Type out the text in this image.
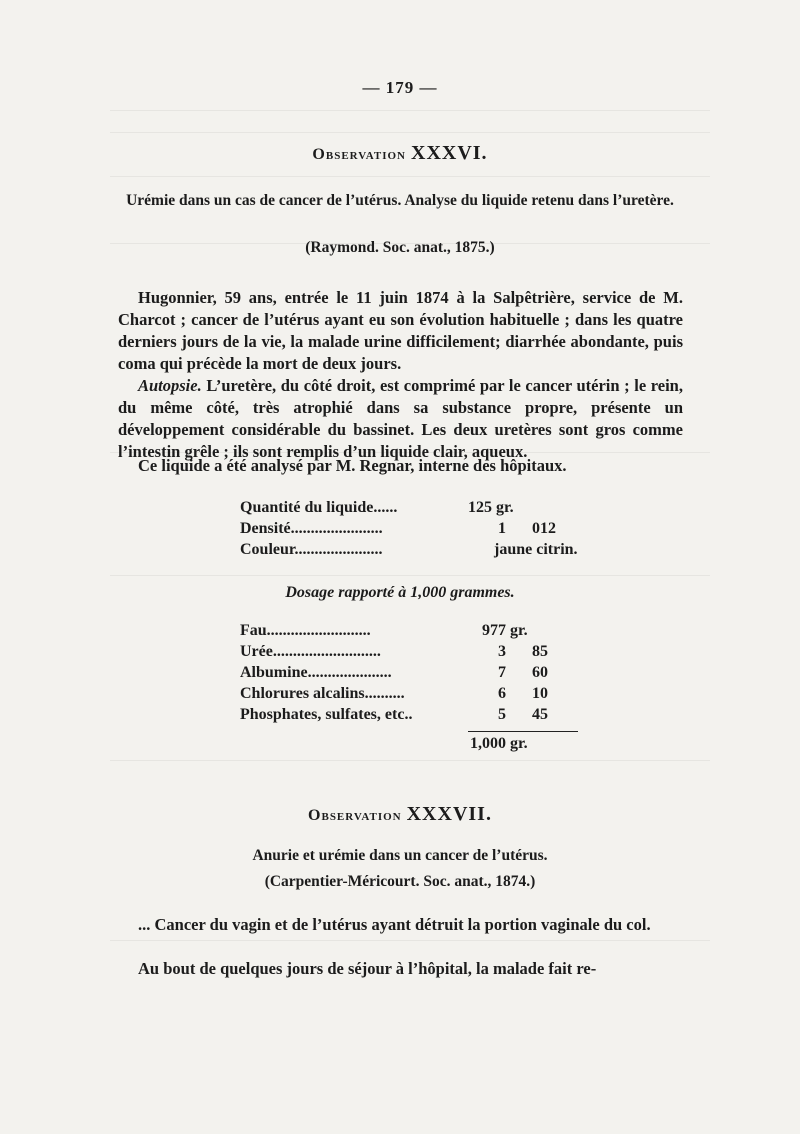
— 179 —
Observation XXXVI.
Urémie dans un cas de cancer de l’utérus. Analyse du liquide retenu dans l’uretère.
(Raymond. Soc. anat., 1875.)
Hugonnier, 59 ans, entrée le 11 juin 1874 à la Salpêtrière, service de M. Charcot ; cancer de l’utérus ayant eu son évolution habituelle ; dans les quatre derniers jours de la vie, la malade urine difficilement; diarrhée abondante, puis coma qui précède la mort de deux jours.
Autopsie. L’uretère, du côté droit, est comprimé par le cancer utérin ; le rein, du même côté, très atrophié dans sa substance propre, présente un développement considérable du bassinet. Les deux uretères sont gros comme l’intestin grêle ; ils sont remplis d’un liquide clair, aqueux.
Ce liquide a été analysé par M. Regnar, interne des hôpitaux.
Quantité du liquide......	125 gr.
Densité.......................	1 012
Couleur......................	jaune citrin.
Dosage rapporté à 1,000 grammes.
Fau..........................	977 gr.
Urée...........................	3 85
Albumine.....................	7 60
Chlorures alcalins..........	6 10
Phosphates, sulfates, etc..	5 45
1,000 gr.
Observation XXXVII.
Anurie et urémie dans un cancer de l’utérus.
(Carpentier-Méricourt. Soc. anat., 1874.)
... Cancer du vagin et de l’utérus ayant détruit la portion vaginale du col.
Au bout de quelques jours de séjour à l’hôpital, la malade fait re-
